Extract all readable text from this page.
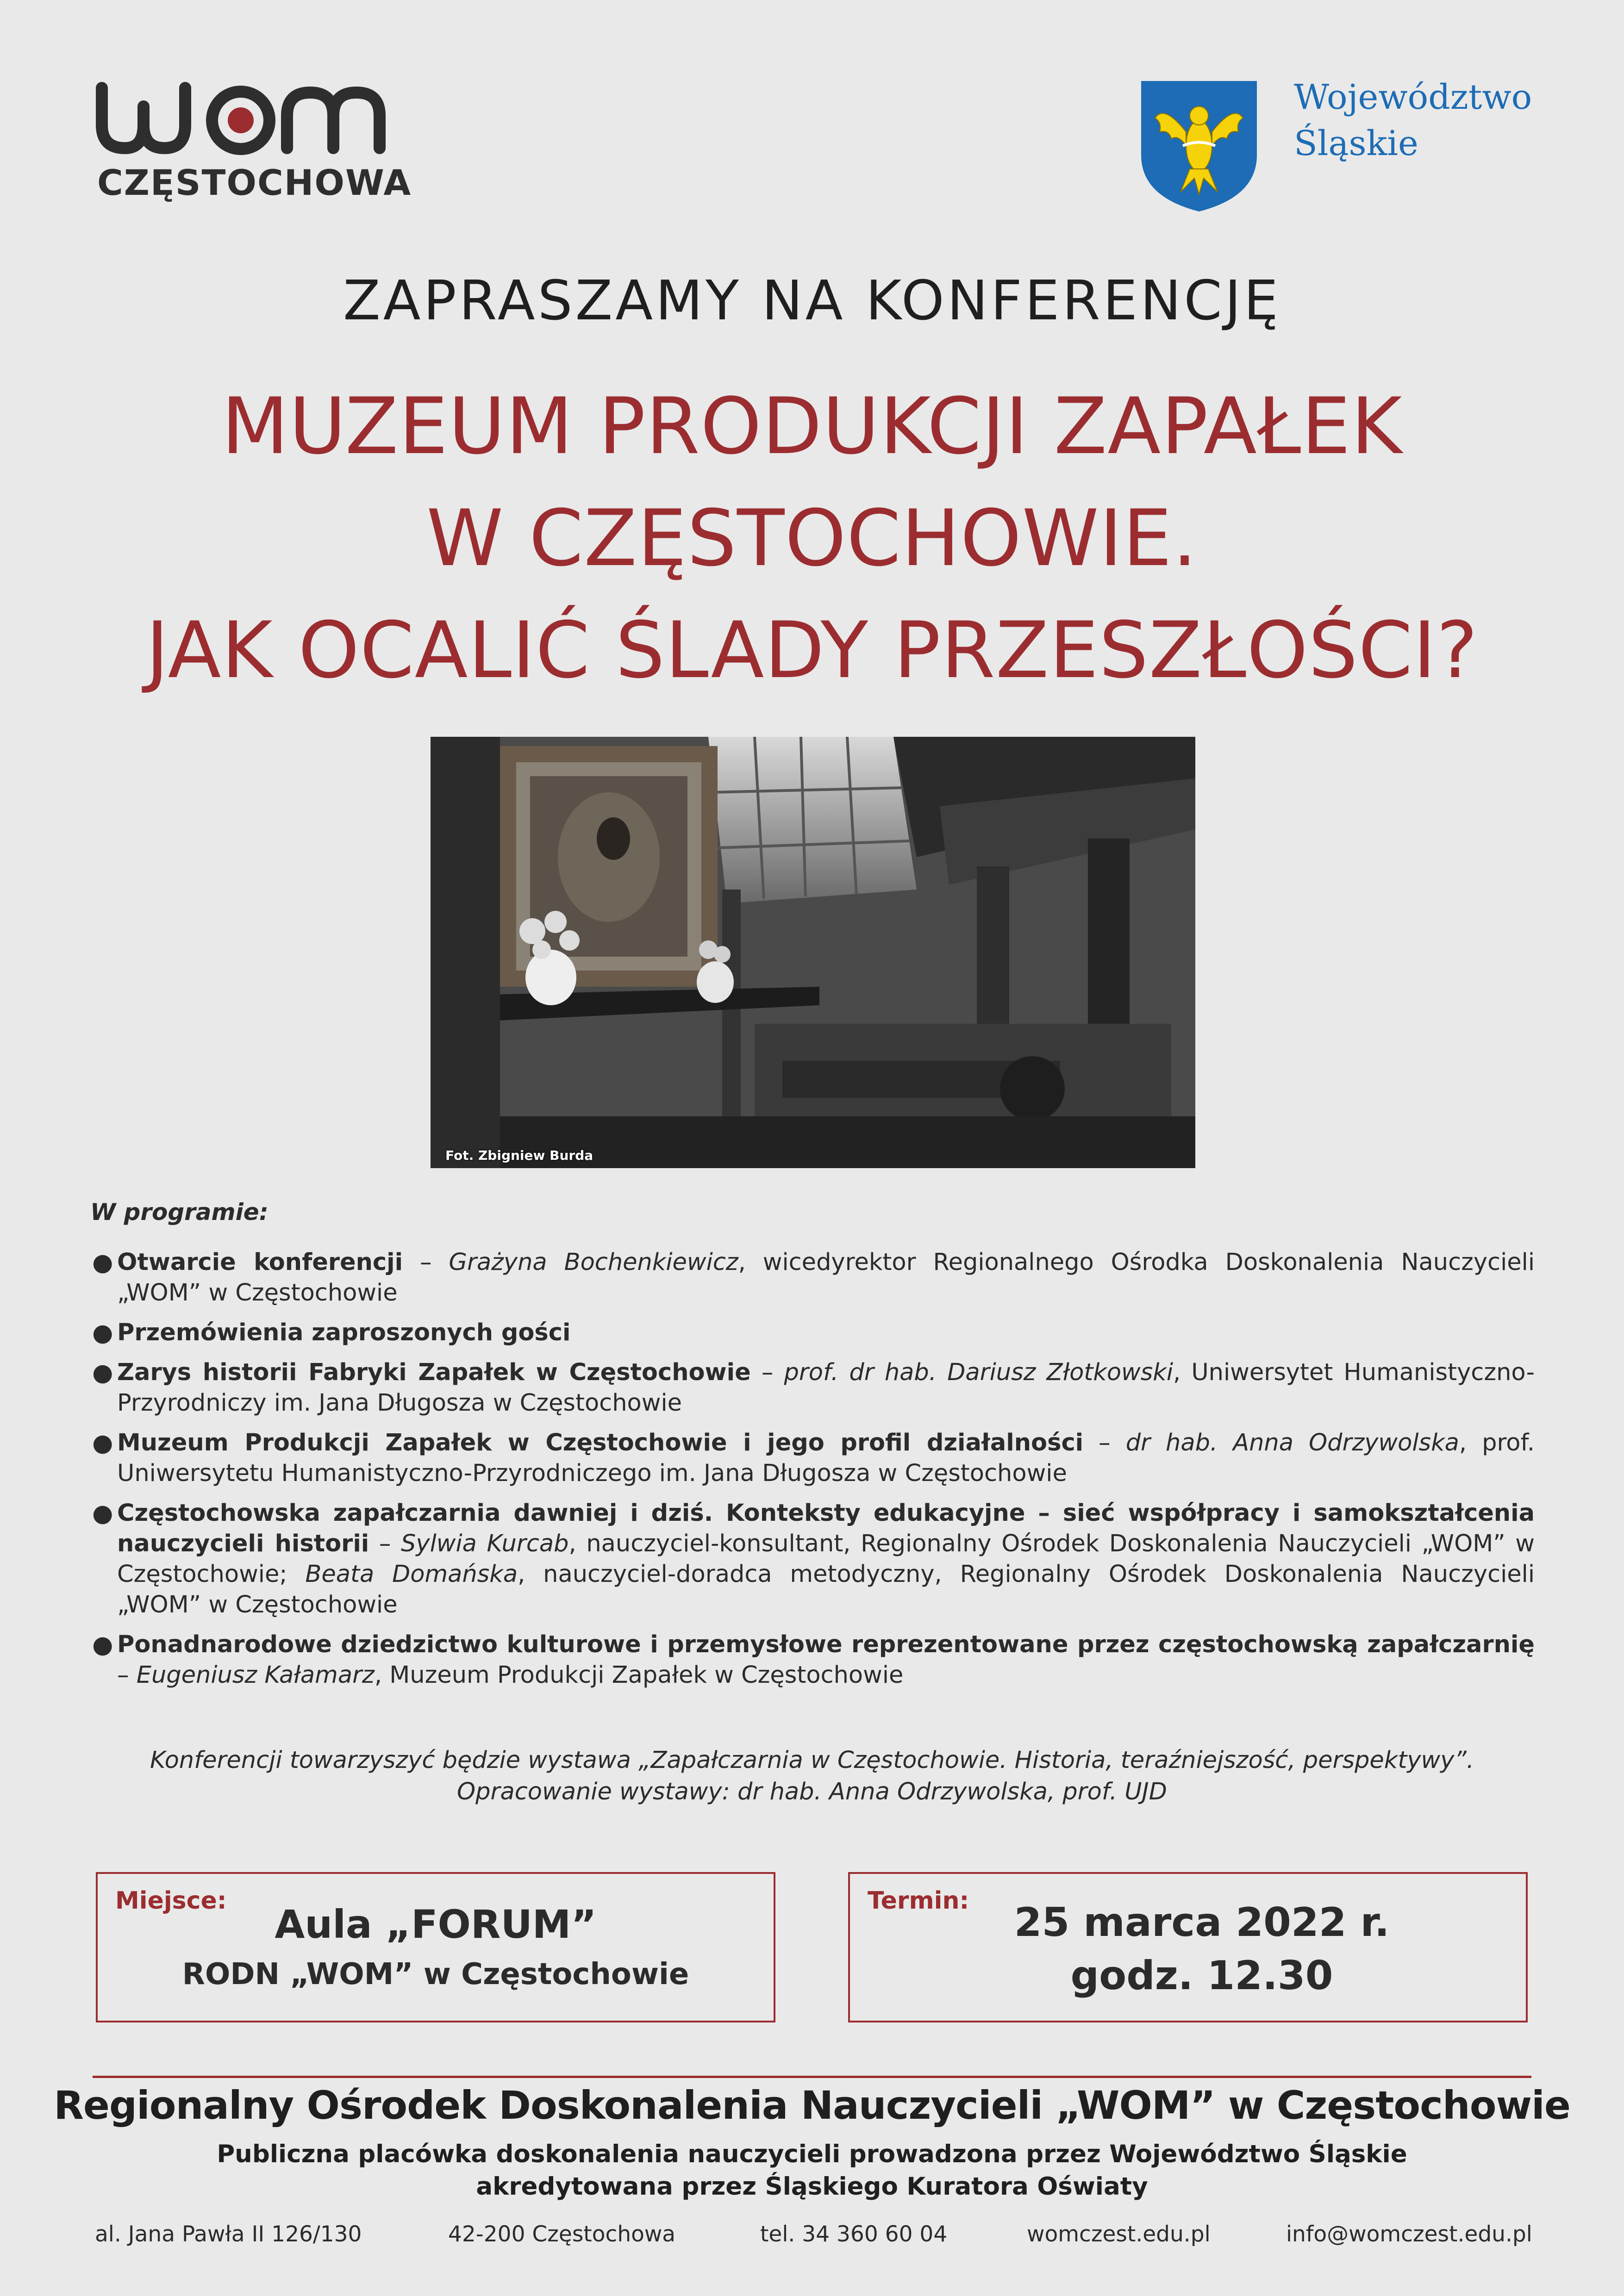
CZĘSTOCHOWA
Województwo
Śląskie
ZAPRASZAMY NA KONFERENCJĘ
MUZEUM PRODUKCJI ZAPAŁEK
W CZĘSTOCHOWIE.
JAK OCALIĆ ŚLADY PRZESZŁOŚCI?
Fot. Zbigniew Burda
W programie:
● Otwarcie konferencji – Grażyna Bochenkiewicz, wicedyrektor Regionalnego Ośrodka Doskonalenia Nauczycieli „WOM” w Częstochowie
● Przemówienia zaproszonych gości
● Zarys historii Fabryki Zapałek w Częstochowie – prof. dr hab. Dariusz Złotkowski, Uniwersytet Humanistyczno-Przyrodniczy im. Jana Długosza w Częstochowie
● Muzeum Produkcji Zapałek w Częstochowie i jego profil działalności – dr hab. Anna Odrzywolska, prof. Uniwersytetu Humanistyczno-Przyrodniczego im. Jana Długosza w Częstochowie
● Częstochowska zapałczarnia dawniej i dziś. Konteksty edukacyjne – sieć współpracy i samokształcenia nauczycieli historii – Sylwia Kurcab, nauczyciel-konsultant, Regionalny Ośrodek Doskonalenia Nauczycieli „WOM” w Częstochowie; Beata Domańska, nauczyciel-doradca metodyczny, Regionalny Ośrodek Doskonalenia Nauczycieli „WOM” w Częstochowie
● Ponadnarodowe dziedzictwo kulturowe i przemysłowe reprezentowane przez częstochowską zapałczarnię – Eugeniusz Kałamarz, Muzeum Produkcji Zapałek w Częstochowie
Konferencji towarzyszyć będzie wystawa „Zapałczarnia w Częstochowie. Historia, teraźniejszość, perspektywy”.
Opracowanie wystawy: dr hab. Anna Odrzywolska, prof. UJD
Miejsce:
Aula „FORUM”
RODN „WOM” w Częstochowie
Termin:	25 marca 2022 r.
godz. 12.30
Regionalny Ośrodek Doskonalenia Nauczycieli „WOM” w Częstochowie
Publiczna placówka doskonalenia nauczycieli prowadzona przez Województwo Śląskie
akredytowana przez Śląskiego Kuratora Oświaty
al. Jana Pawła II 126/130	42-200 Częstochowa	tel. 34 360 60 04	womczest.edu.pl	info@womczest.edu.pl
